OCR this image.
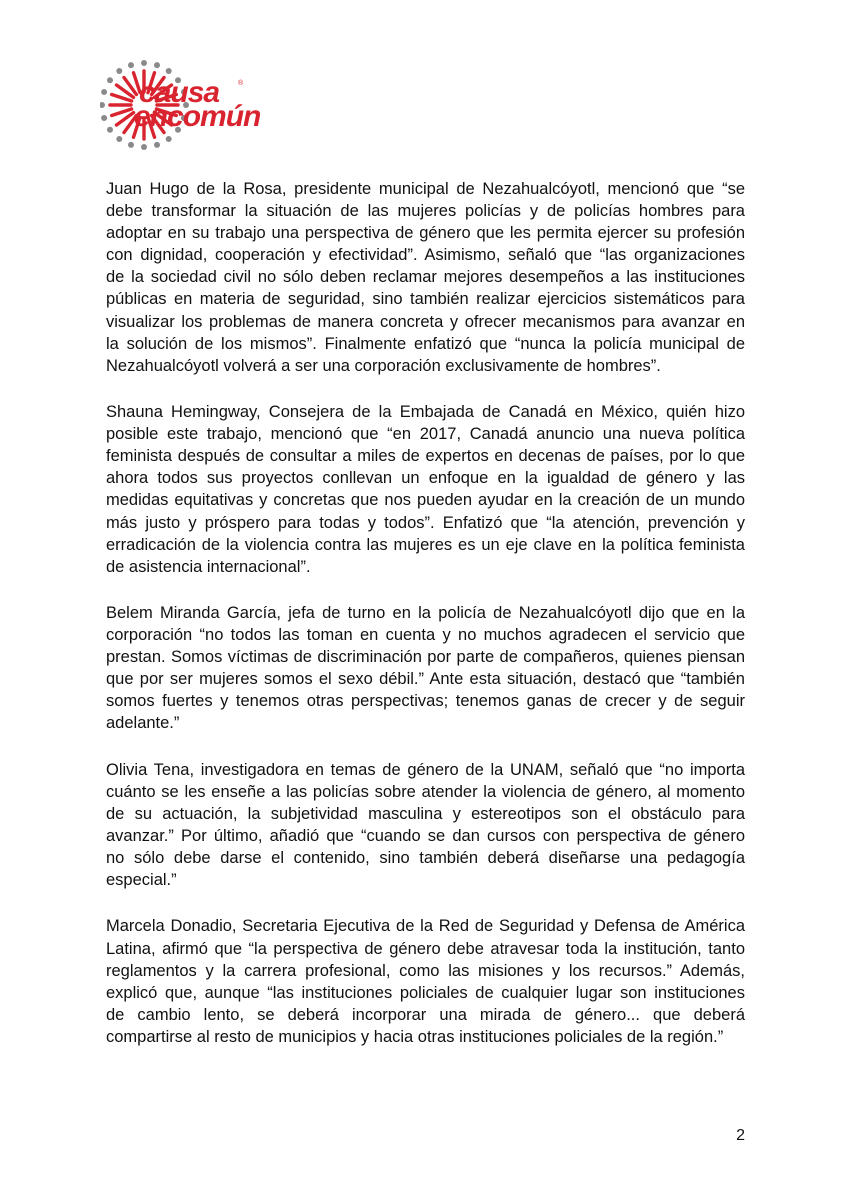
causa	®
encomún

Juan Hugo de la Rosa, presidente municipal de Nezahualcóyotl, mencionó que “se
debe transformar la situación de las mujeres policías y de policías hombres para
adoptar en su trabajo una perspectiva de género que les permita ejercer su profesión
con dignidad, cooperación y efectividad”. Asimismo, señaló que “las organizaciones
de la sociedad civil no sólo deben reclamar mejores desempeños a las instituciones
públicas en materia de seguridad, sino también realizar ejercicios sistemáticos para
visualizar los problemas de manera concreta y ofrecer mecanismos para avanzar en
la solución de los mismos”. Finalmente enfatizó que “nunca la policía municipal de
Nezahualcóyotl volverá a ser una corporación exclusivamente de hombres”.

Shauna Hemingway, Consejera de la Embajada de Canadá en México, quién hizo
posible este trabajo, mencionó que “en 2017, Canadá anuncio una nueva política
feminista después de consultar a miles de expertos en decenas de países, por lo que
ahora todos sus proyectos conllevan un enfoque en la igualdad de género y las
medidas equitativas y concretas que nos pueden ayudar en la creación de un mundo
más justo y próspero para todas y todos”. Enfatizó que “la atención, prevención y
erradicación de la violencia contra las mujeres es un eje clave en la política feminista
de asistencia internacional”.

Belem Miranda García, jefa de turno en la policía de Nezahualcóyotl dijo que en la
corporación “no todos las toman en cuenta y no muchos agradecen el servicio que
prestan. Somos víctimas de discriminación por parte de compañeros, quienes piensan
que por ser mujeres somos el sexo débil.” Ante esta situación, destacó que “también
somos fuertes y tenemos otras perspectivas; tenemos ganas de crecer y de seguir
adelante.”

Olivia Tena, investigadora en temas de género de la UNAM, señaló que “no importa
cuánto se les enseñe a las policías sobre atender la violencia de género, al momento
de su actuación, la subjetividad masculina y estereotipos son el obstáculo para
avanzar.” Por último, añadió que “cuando se dan cursos con perspectiva de género
no sólo debe darse el contenido, sino también deberá diseñarse una pedagogía
especial.”

Marcela Donadio, Secretaria Ejecutiva de la Red de Seguridad y Defensa de América
Latina, afirmó que “la perspectiva de género debe atravesar toda la institución, tanto
reglamentos y la carrera profesional, como las misiones y los recursos.” Además,
explicó que, aunque “las instituciones policiales de cualquier lugar son instituciones
de cambio lento, se deberá incorporar una mirada de género... que deberá
compartirse al resto de municipios y hacia otras instituciones policiales de la región.”

2
